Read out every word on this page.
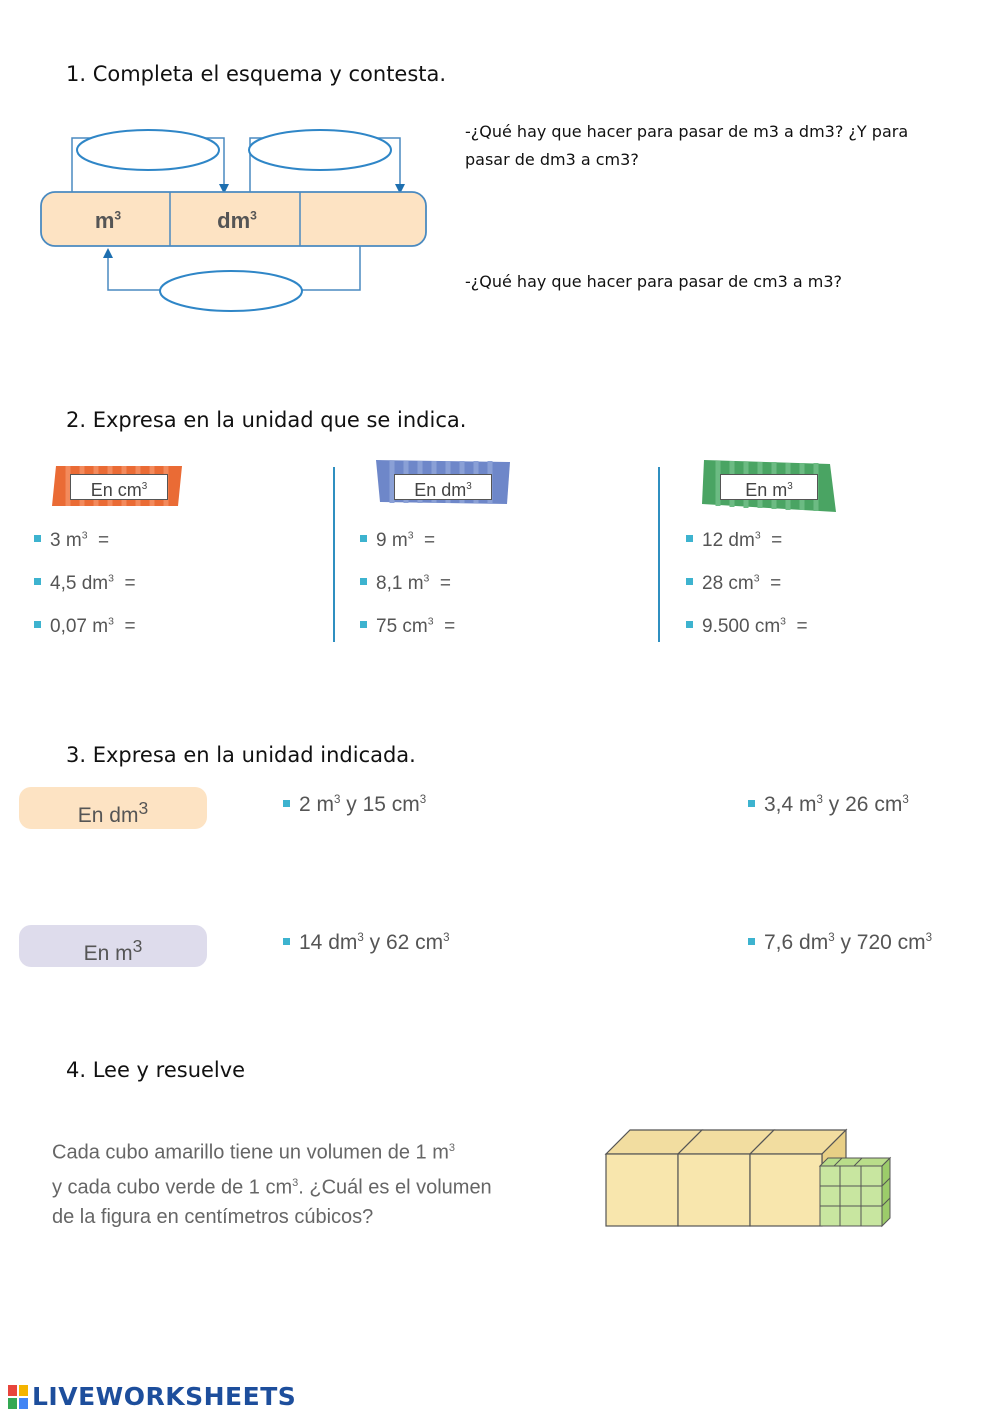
1. Completa el esquema y contesta.
$m^3$	$dm^3$
-¿Qué hay que hacer para pasar de m3 a dm3? ¿Y para pasar de dm3 a cm3?
-¿Qué hay que hacer para pasar de cm3 a m3?
2. Expresa en la unidad que se indica.
En $cm^3$
3 $m^3$  =
4,5 $dm^3$  =
0,07 $m^3$  =
En $dm^3$
9 $m^3$  =
8,1 $m^3$  =
75 $cm^3$  =
En $m^3$
12 $dm^3$  =
28 $cm^3$  =
9.500 $cm^3$  =
3. Expresa en la unidad indicada.
En $dm^3$	2 $m^3$ y 15 $cm^3$	3,4 $m^3$ y 26 $cm^3$
En $m^3$	14 $dm^3$ y 62 $cm^3$	7,6 $dm^3$ y 720 $cm^3$
4. Lee y resuelve
Cada cubo amarillo tiene un volumen de 1 $m^3$
y cada cubo verde de 1 $cm^3$. ¿Cuál es el volumen
de la figura en centímetros cúbicos?
LIVEWORKSHEETS
